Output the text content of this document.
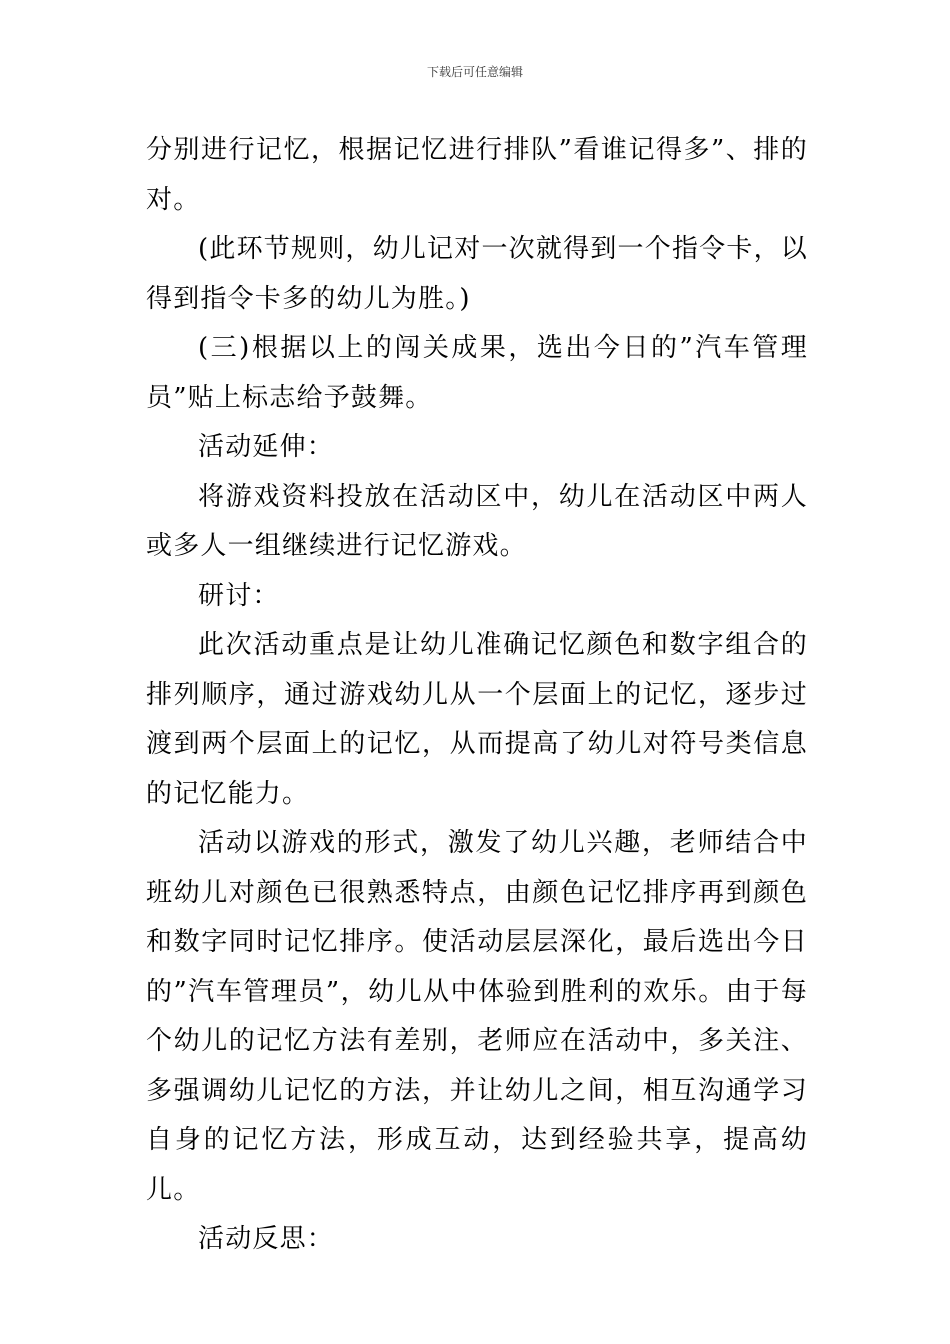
下载后可任意编辑

分别进行记忆，根据记忆进行排队”看谁记得多”、排的对。

(此环节规则，幼儿记对一次就得到一个指令卡，以得到指令卡多的幼儿为胜。)

(三)根据以上的闯关成果，选出今日的”汽车管理员”贴上标志给予鼓舞。

活动延伸：

将游戏资料投放在活动区中，幼儿在活动区中两人或多人一组继续进行记忆游戏。

研讨：

此次活动重点是让幼儿准确记忆颜色和数字组合的排列顺序，通过游戏幼儿从一个层面上的记忆，逐步过渡到两个层面上的记忆，从而提高了幼儿对符号类信息的记忆能力。

活动以游戏的形式，激发了幼儿兴趣，老师结合中班幼儿对颜色已很熟悉特点，由颜色记忆排序再到颜色和数字同时记忆排序。使活动层层深化，最后选出今日的”汽车管理员”，幼儿从中体验到胜利的欢乐。由于每个幼儿的记忆方法有差别，老师应在活动中，多关注、多强调幼儿记忆的方法，并让幼儿之间，相互沟通学习自身的记忆方法，形成互动，达到经验共享，提高幼儿。

活动反思：
